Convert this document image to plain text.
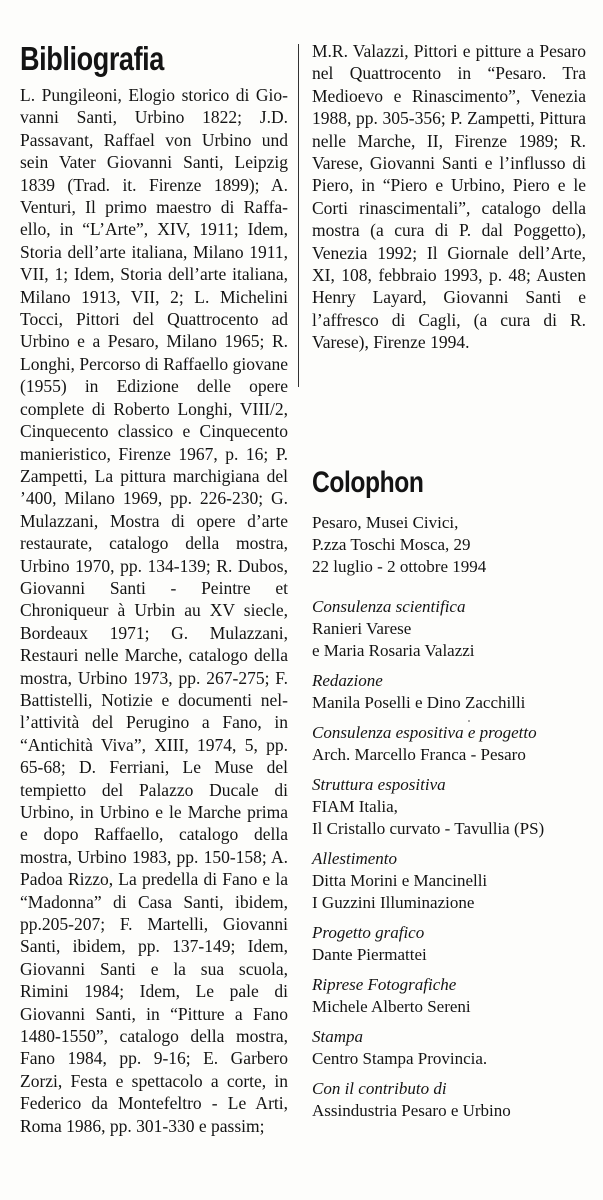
Bibliografia

L. Pungileoni, Elogio storico di Giovanni Santi, Urbino 1822; J.D. Passavant, Raffael von Urbino und sein Vater Giovanni Santi, Leipzig 1839 (Trad. it. Firenze 1899); A. Venturi, Il primo maestro di Raffaello, in “L’Arte”, XIV, 1911; Idem, Storia dell’arte italiana, Milano 1911, VII, 1; Idem, Storia dell’arte italiana, Milano 1913, VII, 2; L. Michelini Tocci, Pittori del Quattrocento ad Urbino e a Pesaro, Milano 1965; R. Longhi, Percorso di Raffaello giovane (1955) in Edizione delle opere complete di Roberto Longhi, VIII/2, Cinquecento classico e Cinquecento manieristico, Firenze 1967, p. 16; P. Zampetti, La pittura marchigiana del ’400, Milano 1969, pp. 226-230; G. Mulazzani, Mostra di opere d’arte restaurate, catalogo della mostra, Urbino 1970, pp. 134-139; R. Dubos, Giovanni Santi - Peintre et Chroniqueur à Urbin au XV siecle, Bordeaux 1971; G. Mulazzani, Restauri nelle Marche, catalogo della mostra, Urbino 1973, pp. 267-275; F. Battistelli, Notizie e documenti nell’attività del Perugino a Fano, in “Antichità Viva”, XIII, 1974, 5, pp. 65-68; D. Ferriani, Le Muse del tempietto del Palazzo Ducale di Urbino, in Urbino e le Marche prima e dopo Raffaello, catalogo della mostra, Urbino 1983, pp. 150-158; A. Padoa Rizzo, La predella di Fano e la “Madonna” di Casa Santi, ibidem, pp.205-207; F. Martelli, Giovanni Santi, ibidem, pp. 137-149; Idem, Giovanni Santi e la sua scuola, Rimini 1984; Idem, Le pale di Giovanni Santi, in “Pitture a Fano 1480-1550”, catalogo della mostra, Fano 1984, pp. 9-16; E. Garbero Zorzi, Festa e spettacolo a corte, in Federico da Montefeltro - Le Arti, Roma 1986, pp. 301-330 e passim;

M.R. Valazzi, Pittori e pitture a Pesaro nel Quattrocento in “Pesaro. Tra Medioevo e Rinascimento”, Venezia 1988, pp. 305-356; P. Zampetti, Pittura nelle Marche, II, Firenze 1989; R. Varese, Giovanni Santi e l’influsso di Piero, in “Piero e Urbino, Piero e le Corti rinascimentali”, catalogo della mostra (a cura di P. dal Poggetto), Venezia 1992; Il Giornale dell’Arte, XI, 108, febbraio 1993, p. 48; Austen Henry Layard, Giovanni Santi e l’affresco di Cagli, (a cura di R. Varese), Firenze 1994.

Colophon
Pesaro, Musei Civici,
P.zza Toschi Mosca, 29
22 luglio - 2 ottobre 1994
Consulenza scientifica
Ranieri Varese
e Maria Rosaria Valazzi
Redazione
Manila Poselli e Dino Zacchilli
Consulenza espositiva e progetto
Arch. Marcello Franca - Pesaro
Struttura espositiva
FIAM Italia,
Il Cristallo curvato - Tavullia (PS)
Allestimento
Ditta Morini e Mancinelli
I Guzzini Illuminazione
Progetto grafico
Dante Piermattei
Riprese Fotografiche
Michele Alberto Sereni
Stampa
Centro Stampa Provincia.
Con il contributo di
Assindustria Pesaro e Urbino
